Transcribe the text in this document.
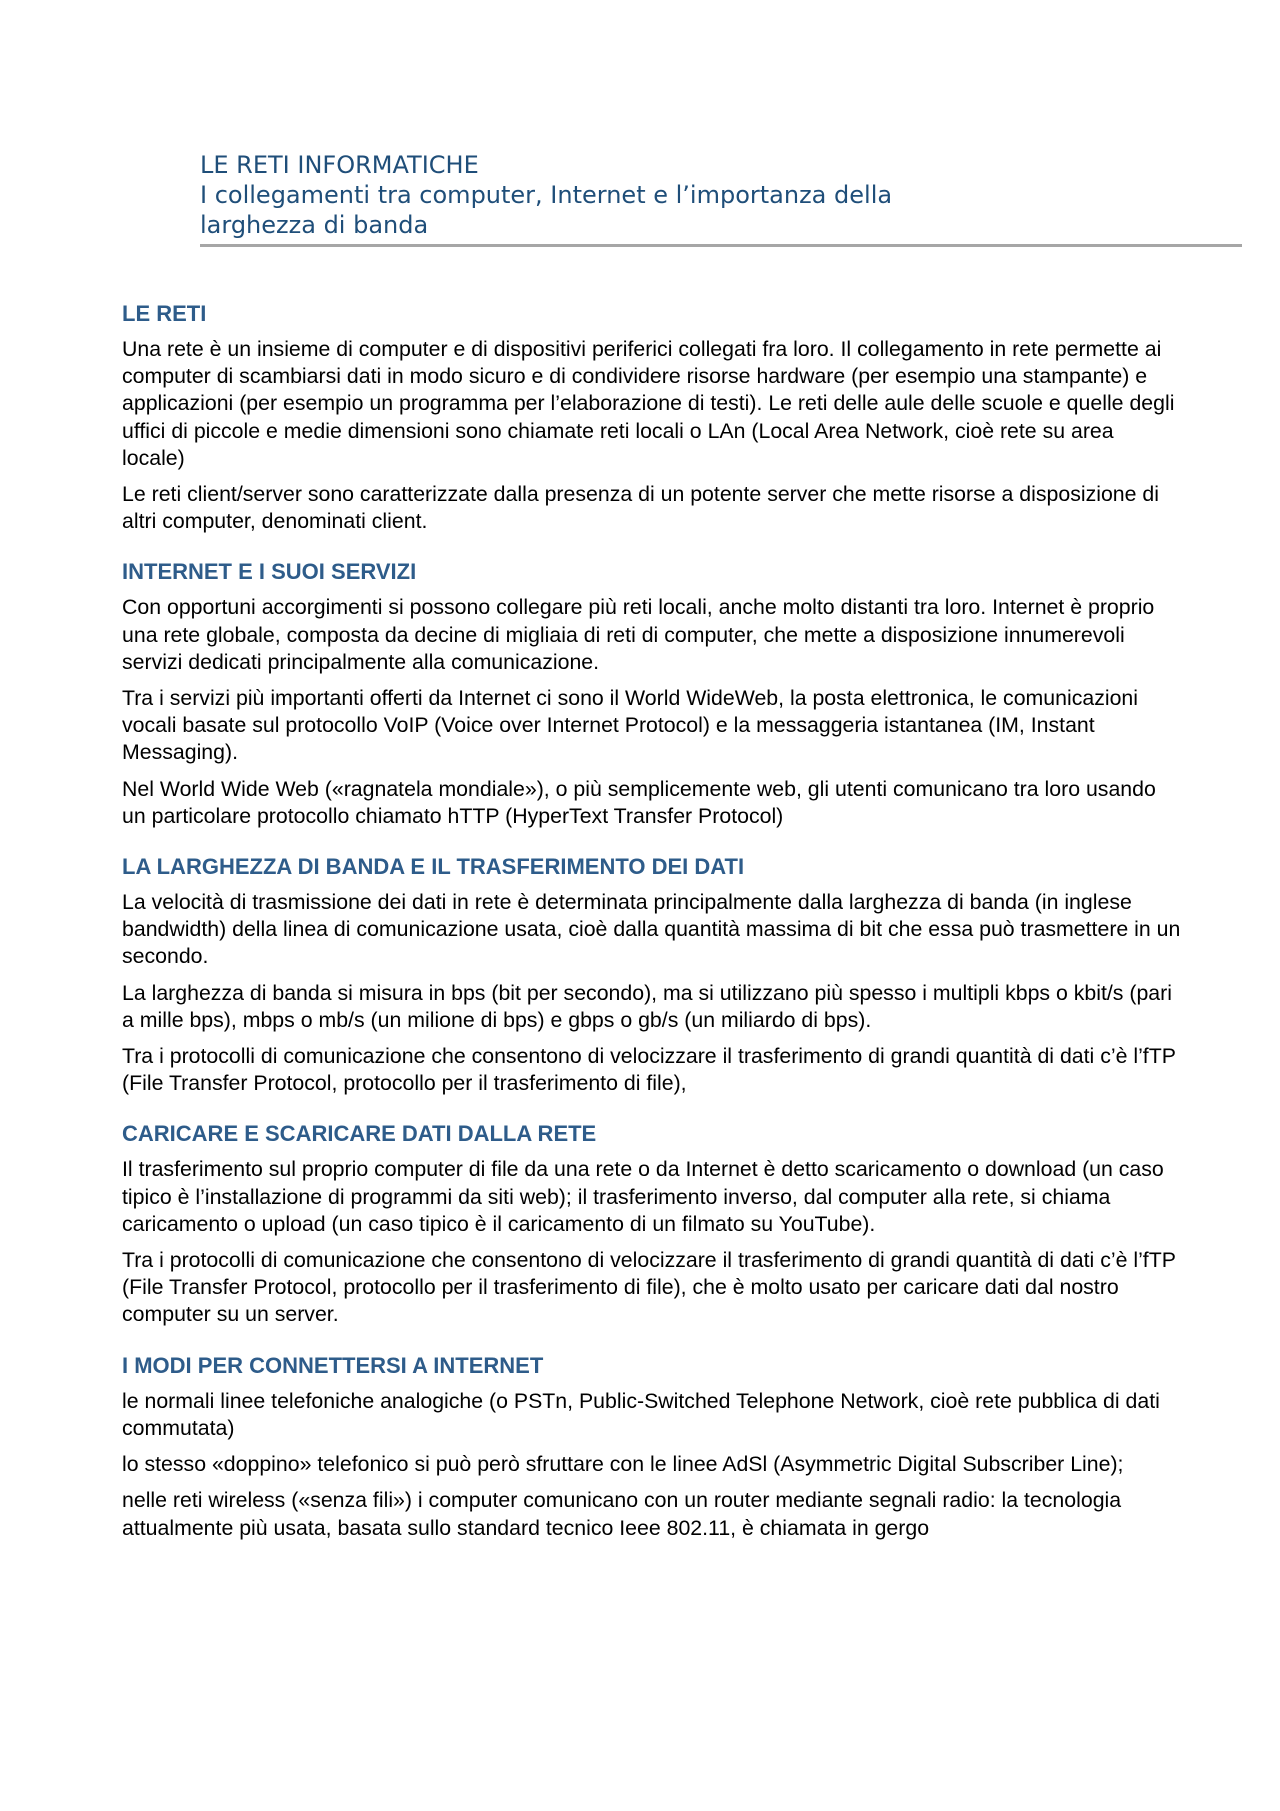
LE RETI INFORMATICHE

I collegamenti tra computer, Internet e l’importanza della

larghezza di banda

LE RETI

Una rete è un insieme di computer e di dispositivi periferici collegati fra loro. Il collegamento in rete permette ai computer di scambiarsi dati in modo sicuro e di condividere risorse hardware (per esempio una stampante) e applicazioni (per esempio un programma per l’elaborazione di testi). Le reti delle aule delle scuole e quelle degli uffici di piccole e medie dimensioni sono chiamate reti locali o LAn (Local Area Network, cioè rete su area locale)

Le reti client/server sono caratterizzate dalla presenza di un potente server che mette risorse a disposizione di altri computer, denominati client.

INTERNET E I SUOI SERVIZI

Con opportuni accorgimenti si possono collegare più reti locali, anche molto distanti tra loro. Internet è proprio una rete globale, composta da decine di migliaia di reti di computer, che mette a disposizione innumerevoli servizi dedicati principalmente alla comunicazione.

Tra i servizi più importanti offerti da Internet ci sono il World WideWeb, la posta elettronica, le comunicazioni vocali basate sul protocollo VoIP (Voice over Internet Protocol) e la messaggeria istantanea (IM, Instant Messaging).

Nel World Wide Web («ragnatela mondiale»), o più semplicemente web, gli utenti comunicano tra loro usando un particolare protocollo chiamato hTTP (HyperText Transfer Protocol)

LA LARGHEZZA DI BANDA E IL TRASFERIMENTO DEI DATI

La velocità di trasmissione dei dati in rete è determinata principalmente dalla larghezza di banda (in inglese bandwidth) della linea di comunicazione usata, cioè dalla quantità massima di bit che essa può trasmettere in un secondo.

La larghezza di banda si misura in bps (bit per secondo), ma si utilizzano più spesso i multipli kbps o kbit/s (pari a mille bps), mbps o mb/s (un milione di bps) e gbps o gb/s (un miliardo di bps).

Tra i protocolli di comunicazione che consentono di velocizzare il trasferimento di grandi quantità di dati c’è l’fTP (File Transfer Protocol, protocollo per il trasferimento di file),

CARICARE E SCARICARE DATI DALLA RETE

Il trasferimento sul proprio computer di file da una rete o da Internet è detto scaricamento o download (un caso tipico è l’installazione di programmi da siti web); il trasferimento inverso, dal computer alla rete, si chiama caricamento o upload (un caso tipico è il caricamento di un filmato su YouTube).

Tra i protocolli di comunicazione che consentono di velocizzare il trasferimento di grandi quantità di dati c’è l’fTP (File Transfer Protocol, protocollo per il trasferimento di file), che è molto usato per caricare dati dal nostro computer su un server.

I MODI PER CONNETTERSI A INTERNET

le normali linee telefoniche analogiche (o PSTn, Public-Switched Telephone Network, cioè rete pubblica di dati commutata)

lo stesso «doppino» telefonico si può però sfruttare con le linee AdSl (Asymmetric Digital Subscriber Line);

nelle reti wireless («senza fili») i computer comunicano con un router mediante segnali radio: la tecnologia attualmente più usata, basata sullo standard tecnico Ieee 802.11, è chiamata in gergo
